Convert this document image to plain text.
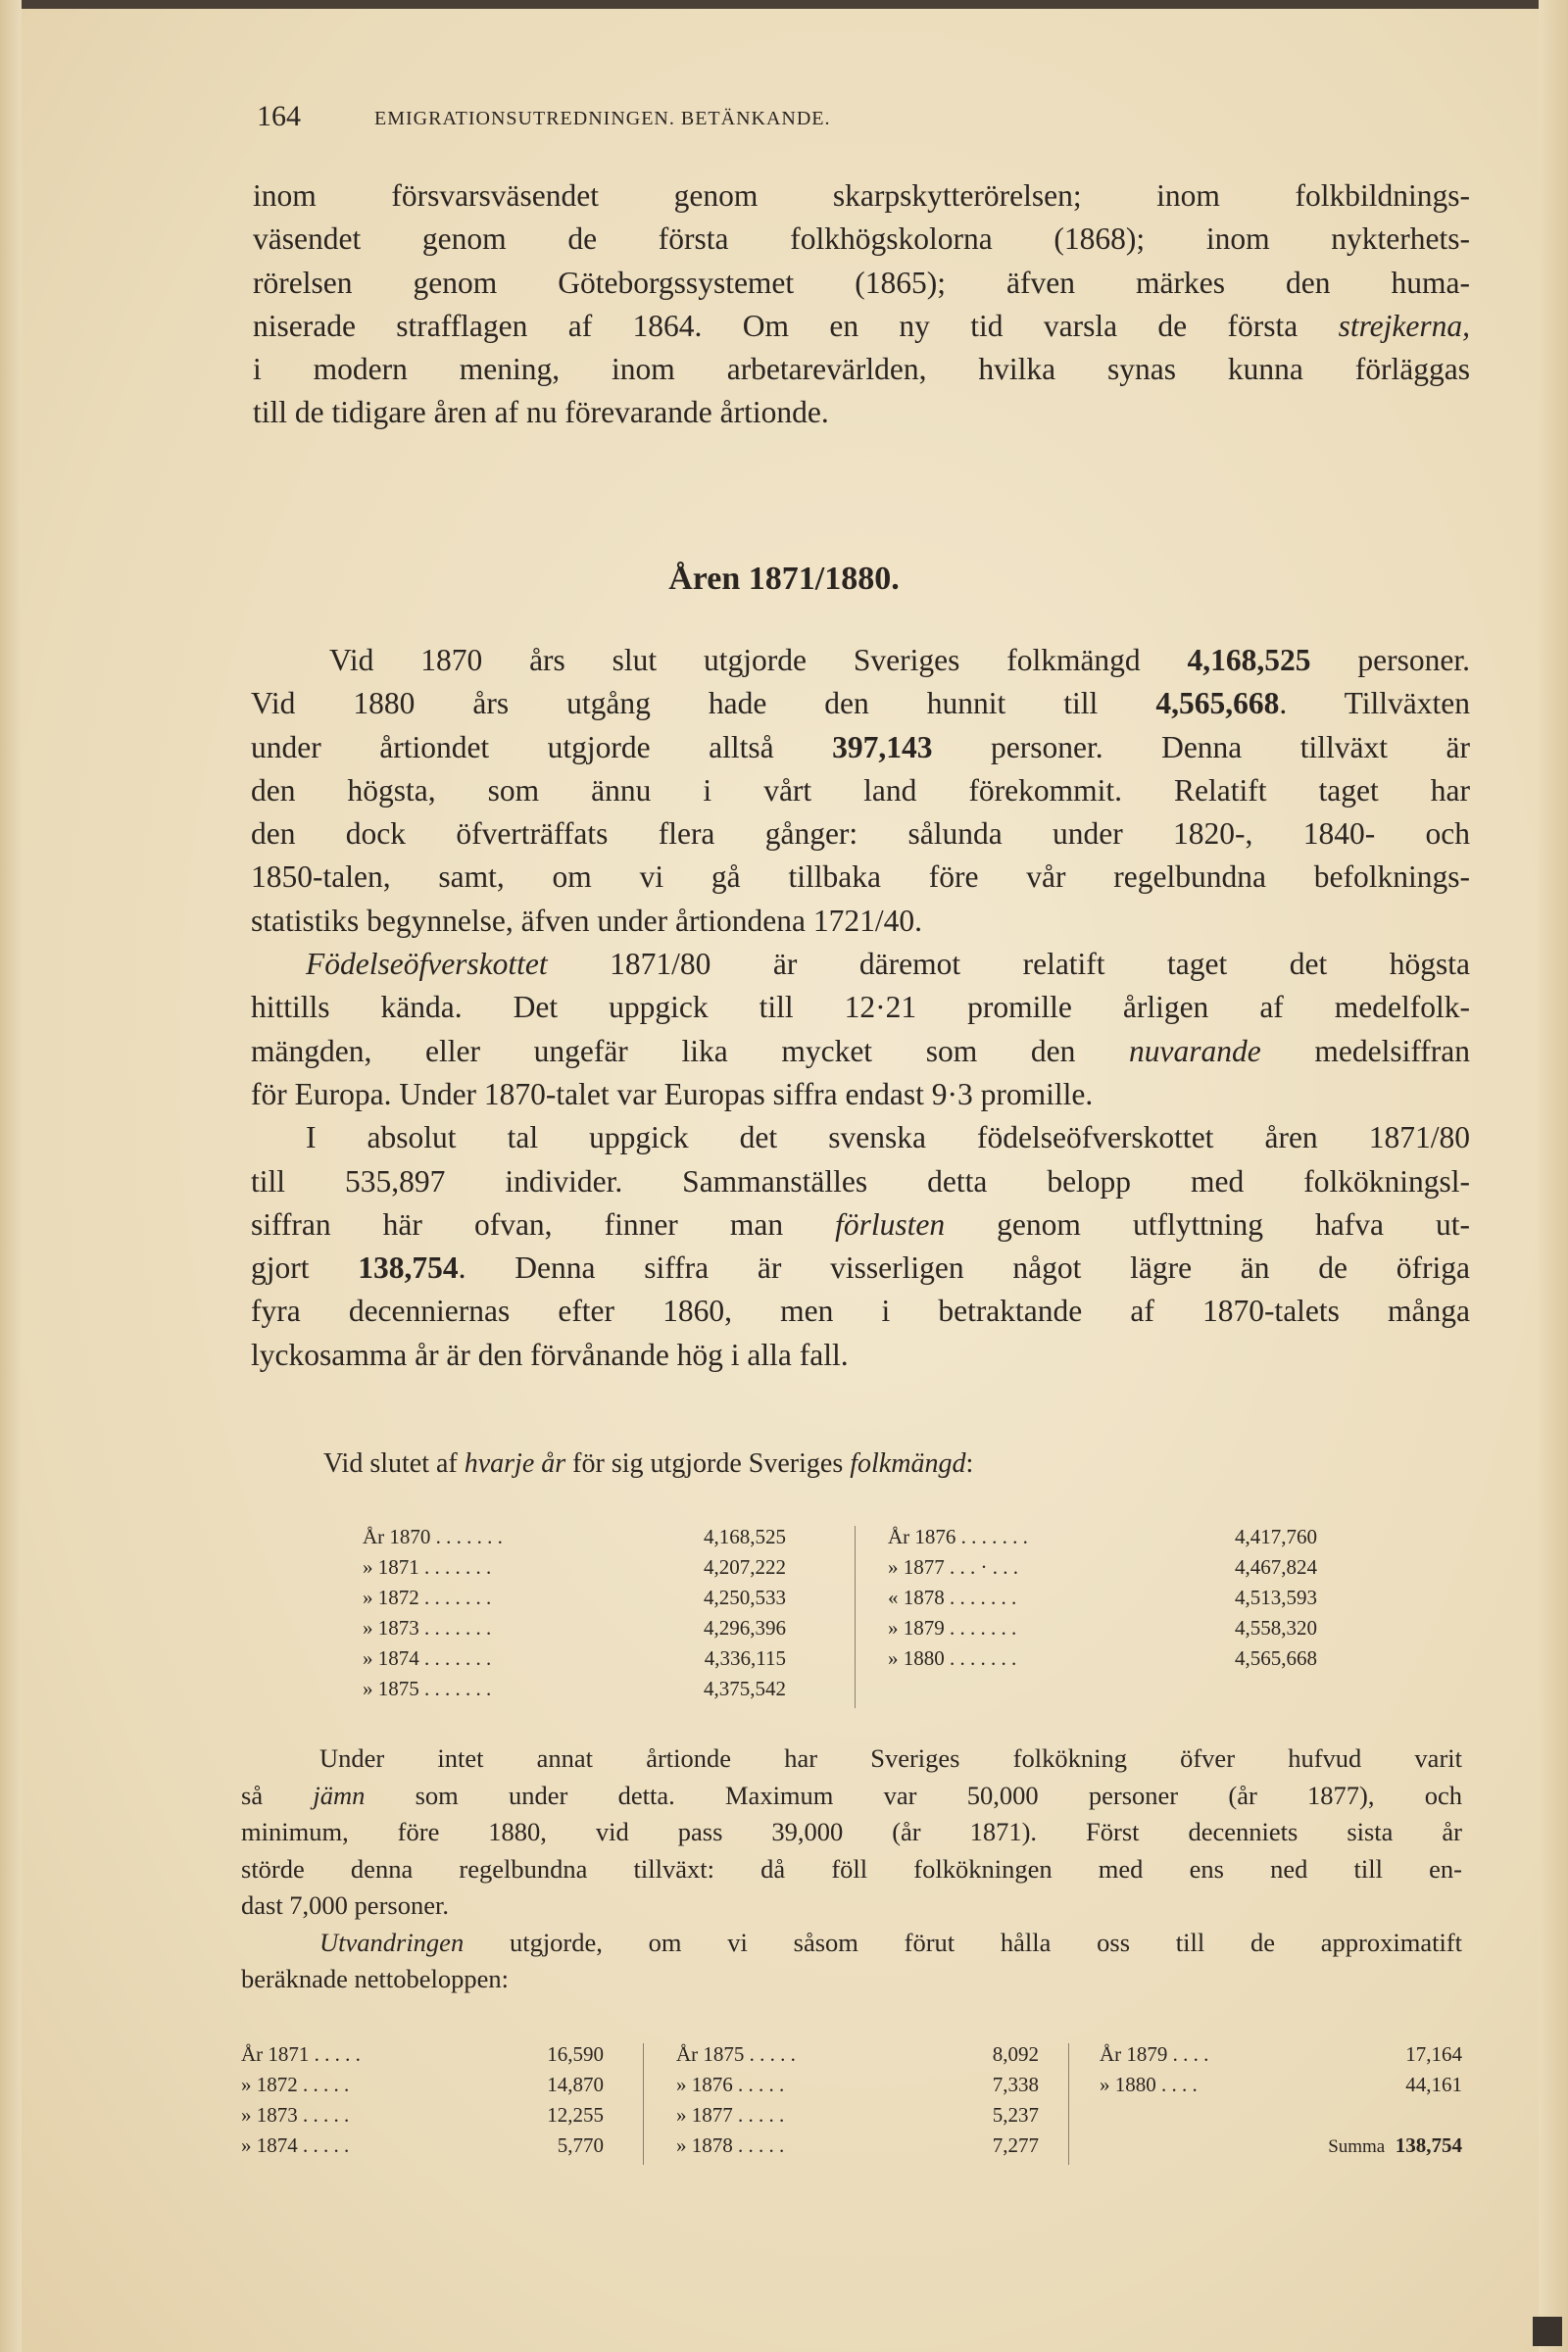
164	EMIGRATIONSUTREDNINGEN. BETÄNKANDE.
inom försvarsväsendet genom skarpskytterörelsen; inom folkbildnings-
väsendet genom de första folkhögskolorna (1868); inom nykterhets-
rörelsen genom Göteborgssystemet (1865); äfven märkes den huma-
niserade strafflagen af 1864. Om en ny tid varsla de första strejkerna,
i modern mening, inom arbetarevärlden, hvilka synas kunna förläggas
till de tidigare åren af nu förevarande årtionde.
Åren 1871/1880.
Vid 1870 års slut utgjorde Sveriges folkmängd 4,168,525 personer.
Vid 1880 års utgång hade den hunnit till 4,565,668. Tillväxten
under årtiondet utgjorde alltså 397,143 personer. Denna tillväxt är
den högsta, som ännu i vårt land förekommit. Relatift taget har
den dock öfverträffats flera gånger: sålunda under 1820-, 1840- och
1850-talen, samt, om vi gå tillbaka före vår regelbundna befolknings-
statistiks begynnelse, äfven under årtiondena 1721/40.
Födelseöfverskottet 1871/80 är däremot relatift taget det högsta
hittills kända. Det uppgick till 12·21 promille årligen af medelfolk-
mängden, eller ungefär lika mycket som den nuvarande medelsiffran
för Europa. Under 1870-talet var Europas siffra endast 9·3 promille.
I absolut tal uppgick det svenska födelseöfverskottet åren 1871/80
till 535,897 individer. Sammanställes detta belopp med folkökningsl-
siffran här ofvan, finner man förlusten genom utflyttning hafva ut-
gjort 138,754. Denna siffra är visserligen något lägre än de öfriga
fyra decenniernas efter 1860, men i betraktande af 1870-talets många
lyckosamma år är den förvånande hög i alla fall.
Vid slutet af hvarje år för sig utgjorde Sveriges folkmängd:
År 1870 . . . . . . .	4,168,525
» 1871 . . . . . . .	4,207,222
» 1872 . . . . . . .	4,250,533
» 1873 . . . . . . .	4,296,396
» 1874 . . . . . . .	4,336,115
» 1875 . . . . . . .	4,375,542
År 1876 . . . . . . .	4,417,760
» 1877 . . . · . . .	4,467,824
« 1878 . . . . . . .	4,513,593
» 1879 . . . . . . .	4,558,320
» 1880 . . . . . . .	4,565,668
Under intet annat årtionde har Sveriges folkökning öfver hufvud varit
så jämn som under detta. Maximum var 50,000 personer (år 1877), och
minimum, före 1880, vid pass 39,000 (år 1871). Först decenniets sista år
störde denna regelbundna tillväxt: då föll folkökningen med ens ned till en-
dast 7,000 personer.
Utvandringen utgjorde, om vi såsom förut hålla oss till de approximatift
beräknade nettobeloppen:
År 1871 . . . . .	16,590
» 1872 . . . . .	14,870
» 1873 . . . . .	12,255
» 1874 . . . . .	5,770
År 1875 . . . . .	8,092
» 1876 . . . . .	7,338
» 1877 . . . . .	5,237
» 1878 . . . . .	7,277
År 1879 . . . .	17,164
» 1880 . . . .	44,161
Summa 138,754
